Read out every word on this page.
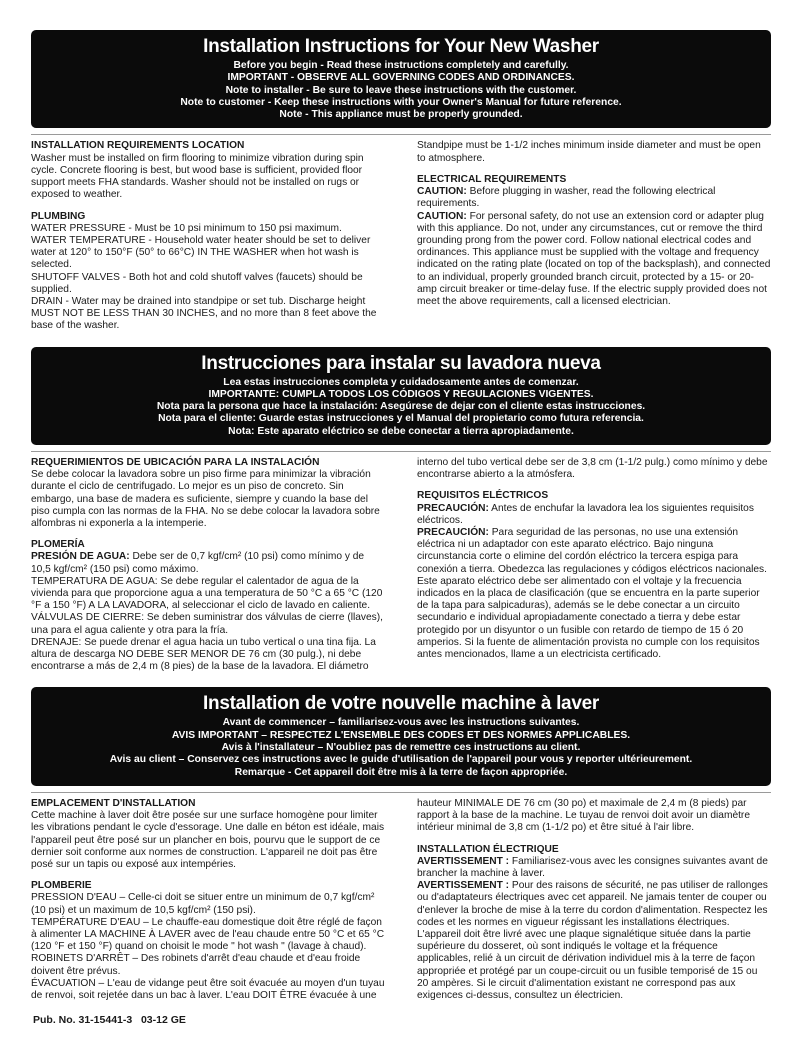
Installation Instructions for Your New Washer
Before you begin - Read these instructions completely and carefully.
IMPORTANT - OBSERVE ALL GOVERNING CODES AND ORDINANCES.
Note to installer - Be sure to leave these instructions with the customer.
Note to customer - Keep these instructions with your Owner's Manual for future reference.
Note - This appliance must be properly grounded.
INSTALLATION REQUIREMENTS LOCATION
Washer must be installed on firm flooring to minimize vibration during spin cycle. Concrete flooring is best, but wood base is sufficient, provided floor support meets FHA standards. Washer should not be installed on rugs or exposed to weather.
PLUMBING
WATER PRESSURE - Must be 10 psi minimum to 150 psi maximum.
WATER TEMPERATURE - Household water heater should be set to deliver water at 120° to 150°F (50° to 66°C) IN THE WASHER when hot wash is selected.
SHUTOFF VALVES - Both hot and cold shutoff valves (faucets) should be supplied.
DRAIN - Water may be drained into standpipe or set tub. Discharge height MUST NOT BE LESS THAN 30 INCHES, and no more than 8 feet above the base of the washer.
Standpipe must be 1-1/2 inches minimum inside diameter and must be open to atmosphere.
ELECTRICAL REQUIREMENTS
CAUTION: Before plugging in washer, read the following electrical requirements.
CAUTION: For personal safety, do not use an extension cord or adapter plug with this appliance. Do not, under any circumstances, cut or remove the third grounding prong from the power cord. Follow national electrical codes and ordinances. This appliance must be supplied with the voltage and frequency indicated on the rating plate (located on top of the backsplash), and connected to an individual, properly grounded branch circuit, protected by a 15- or 20-amp circuit breaker or time-delay fuse. If the electric supply provided does not meet the above requirements, call a licensed electrician.
Instrucciones para instalar su lavadora nueva
Lea estas instrucciones completa y cuidadosamente antes de comenzar.
IMPORTANTE: CUMPLA TODOS LOS CÓDIGOS Y REGULACIONES VIGENTES.
Nota para la persona que hace la instalación: Asegúrese de dejar con el cliente estas instrucciones.
Nota para el cliente: Guarde estas instrucciones y el Manual del propietario como futura referencia.
Nota: Este aparato eléctrico se debe conectar a tierra apropiadamente.
REQUERIMIENTOS DE UBICACIÓN PARA LA INSTALACIÓN
Se debe colocar la lavadora sobre un piso firme para minimizar la vibración durante el ciclo de centrifugado. Lo mejor es un piso de concreto. Sin embargo, una base de madera es suficiente, siempre y cuando la base del piso cumpla con las normas de la FHA. No se debe colocar la lavadora sobre alfombras ni exponerla a la intemperie.
PLOMERÍA
PRESIÓN DE AGUA: Debe ser de 0,7 kgf/cm² (10 psi) como mínimo y de 10,5 kgf/cm² (150 psi) como máximo.
TEMPERATURA DE AGUA: Se debe regular el calentador de agua de la vivienda para que proporcione agua a una temperatura de 50 °C a 65 °C (120 °F a 150 °F) A LA LAVADORA, al seleccionar el ciclo de lavado en caliente.
VÁLVULAS DE CIERRE: Se deben suministrar dos válvulas de cierre (llaves), una para el agua caliente y otra para la fría.
DRENAJE: Se puede drenar el agua hacia un tubo vertical o una tina fija. La altura de descarga NO DEBE SER MENOR DE 76 cm (30 pulg.), ni debe encontrarse a más de 2,4 m (8 pies) de la base de la lavadora. El diámetro
interno del tubo vertical debe ser de 3,8 cm (1-1/2 pulg.) como mínimo y debe encontrarse abierto a la atmósfera.
REQUISITOS ELÉCTRICOS
PRECAUCIÓN: Antes de enchufar la lavadora lea los siguientes requisitos eléctricos.
PRECAUCIÓN: Para seguridad de las personas, no use una extensión eléctrica ni un adaptador con este aparato eléctrico. Bajo ninguna circunstancia corte o elimine del cordón eléctrico la tercera espiga para conexión a tierra. Obedezca las regulaciones y códigos eléctricos nacionales. Este aparato eléctrico debe ser alimentado con el voltaje y la frecuencia indicados en la placa de clasificación (que se encuentra en la parte superior de la tapa para salpicaduras), además se le debe conectar a un circuito secundario e individual apropiadamente conectado a tierra y debe estar protegido por un disyuntor o un fusible con retardo de tiempo de 15 ó 20 amperios. Si la fuente de alimentación provista no cumple con los requisitos antes mencionados, llame a un electricista certificado.
Installation de votre nouvelle machine à laver
Avant de commencer – familiarisez-vous avec les instructions suivantes.
AVIS IMPORTANT – RESPECTEZ L'ENSEMBLE DES CODES ET DES NORMES APPLICABLES.
Avis à l'installateur – N'oubliez pas de remettre ces instructions au client.
Avis au client – Conservez ces instructions avec le guide d'utilisation de l'appareil pour vous y reporter ultérieurement.
Remarque - Cet appareil doit être mis à la terre de façon appropriée.
EMPLACEMENT D'INSTALLATION
Cette machine à laver doit être posée sur une surface homogène pour limiter les vibrations pendant le cycle d'essorage. Une dalle en béton est idéale, mais l'appareil peut être posé sur un plancher en bois, pourvu que le support de ce dernier soit conforme aux normes de construction. L'appareil ne doit pas être posé sur un tapis ou exposé aux intempéries.
PLOMBERIE
PRESSION D'EAU – Celle-ci doit se situer entre un minimum de 0,7 kgf/cm² (10 psi) et un maximum de 10,5 kgf/cm² (150 psi).
TEMPÉRATURE D'EAU – Le chauffe-eau domestique doit être réglé de façon à alimenter LA MACHINE À LAVER avec de l'eau chaude entre 50 °C et 65 °C (120 °F et 150 °F) quand on choisit le mode " hot wash " (lavage à chaud).
ROBINETS D'ARRÊT – Des robinets d'arrêt d'eau chaude et d'eau froide doivent être prévus.
ÉVACUATION – L'eau de vidange peut être soit évacuée au moyen d'un tuyau de renvoi, soit rejetée dans un bac à laver. L'eau DOIT ÊTRE évacuée à une
hauteur MINIMALE DE 76 cm (30 po) et maximale de 2,4 m (8 pieds) par rapport à la base de la machine. Le tuyau de renvoi doit avoir un diamètre intérieur minimal de 3,8 cm (1-1/2 po) et être situé à l'air libre.
INSTALLATION ÉLECTRIQUE
AVERTISSEMENT : Familiarisez-vous avec les consignes suivantes avant de brancher la machine à laver.
AVERTISSEMENT : Pour des raisons de sécurité, ne pas utiliser de rallonges ou d'adaptateurs électriques avec cet appareil. Ne jamais tenter de couper ou d'enlever la broche de mise à la terre du cordon d'alimentation. Respectez les codes et les normes en vigueur régissant les installations électriques. L'appareil doit être livré avec une plaque signalétique située dans la partie supérieure du dosseret, où sont indiqués le voltage et la fréquence applicables, relié à un circuit de dérivation individuel mis à la terre de façon appropriée et protégé par un coupe-circuit ou un fusible temporisé de 15 ou 20 ampères. Si le circuit d'alimentation existant ne correspond pas aux exigences ci-dessus, consultez un électricien.
Pub. No. 31-15441-3   03-12 GE
